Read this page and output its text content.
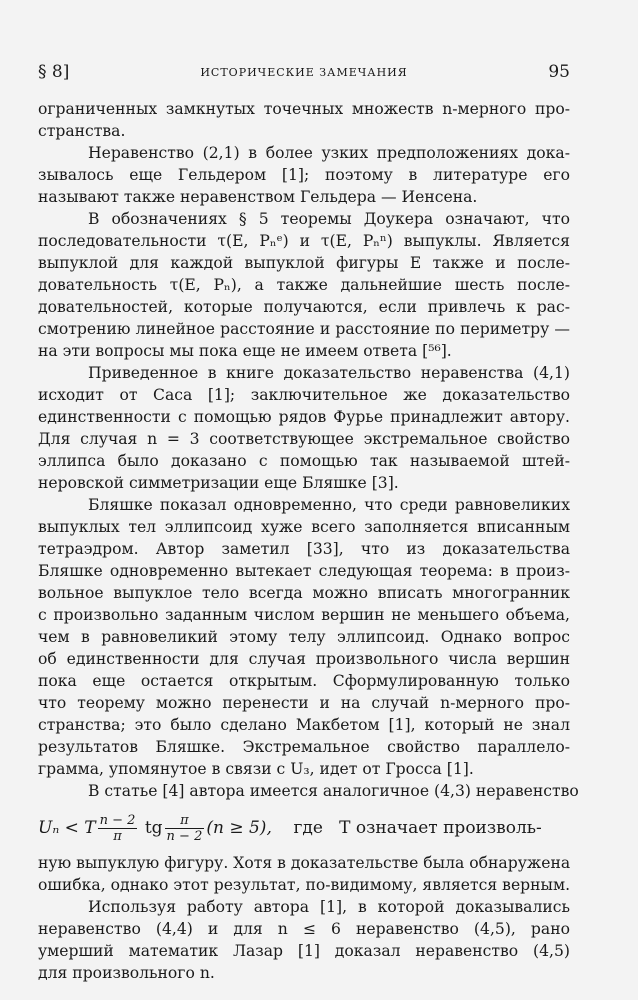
§ 8]	ИСТОРИЧЕСКИЕ ЗАМЕЧАНИЯ	95

ограниченных замкнутых точечных множеств n-мерного про-
странства.

Неравенство (2,1) в более узких предположениях дока-
зывалось еще Гельдером [1]; поэтому в литературе его
называют также неравенством Гельдера — Иенсена.

В обозначениях § 5 теоремы Доукера означают, что
последовательности τ(E, Pₙᵉ) и τ(E, Pₙⁿ) выпуклы. Является
выпуклой для каждой выпуклой фигуры E также и после-
довательность τ(E, Pₙ), а также дальнейшие шесть после-
довательностей, которые получаются, если привлечь к рас-
смотрению линейное расстояние и расстояние по периметру —
на эти вопросы мы пока еще не имеем ответа [⁵⁶].

Приведенное в книге доказательство неравенства (4,1)
исходит от Саса [1]; заключительное же доказательство
единственности с помощью рядов Фурье принадлежит автору.
Для случая n = 3 соответствующее экстремальное свойство
эллипса было доказано с помощью так называемой штей-
неровской симметризации еще Бляшке [3].

Бляшке показал одновременно, что среди равновеликих
выпуклых тел эллипсоид хуже всего заполняется вписанным
тетраэдром. Автор заметил [33], что из доказательства
Бляшке одновременно вытекает следующая теорема: в произ-
вольное выпуклое тело всегда можно вписать многогранник
с произвольно заданным числом вершин не меньшего объема,
чем в равновеликий этому телу эллипсоид. Однако вопрос
об единственности для случая произвольного числа вершин
пока еще остается открытым. Сформулированную только
что теорему можно перенести и на случай n-мерного про-
странства; это было сделано Макбетом [1], который не знал
результатов Бляшке. Экстремальное свойство параллело-
грамма, упомянутое в связи с U₃, идет от Гросса [1].

В статье [4] автора имеется аналогичное (4,3) неравенство
Uₙ < T $\frac{n - 2}{\pi}$ tg $\frac{\pi}{n - 2} (n \ge 5)$, где T означает произволь-
ную выпуклую фигуру. Хотя в доказательстве была обнаружена
ошибка, однако этот результат, по-видимому, является верным.

Используя работу автора [1], в которой доказывались
неравенство (4,4) и для n ≤ 6 неравенство (4,5), рано
умерший математик Лазар [1] доказал неравенство (4,5)
для произвольного n.
